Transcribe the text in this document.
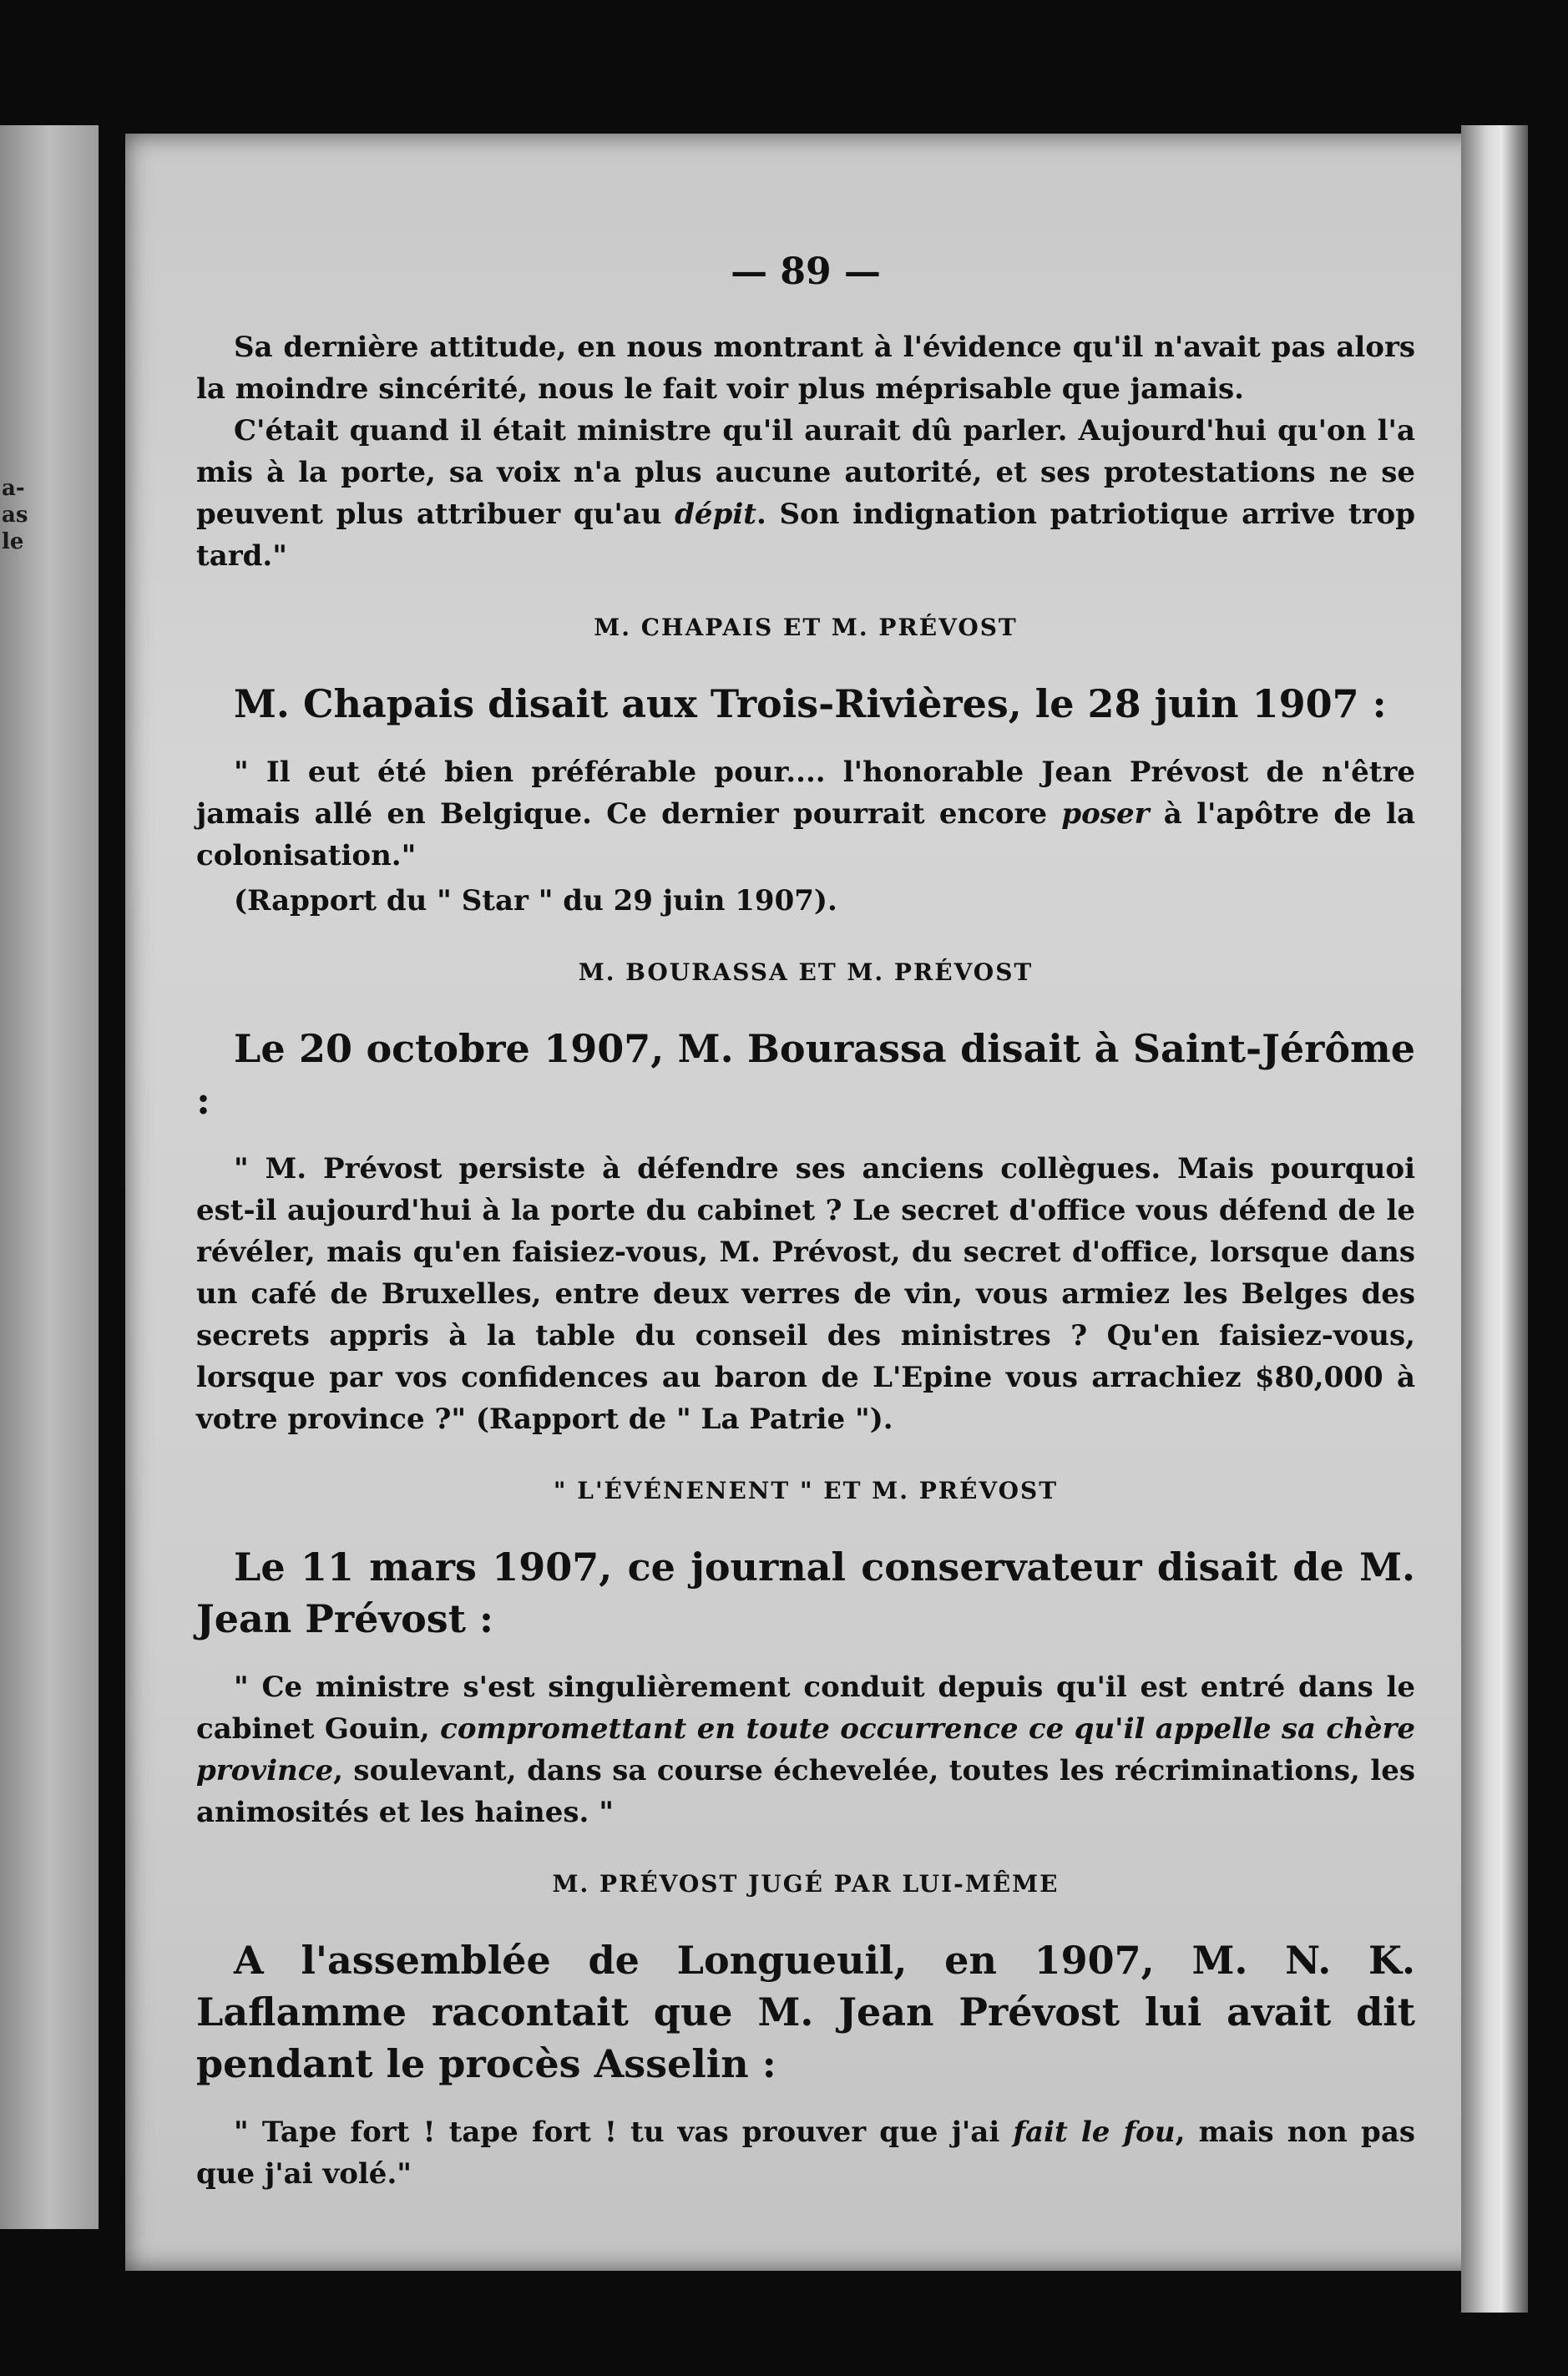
a-
as
le
— 89 —

Sa dernière attitude, en nous montrant à l'évidence qu'il n'avait pas alors la moindre sincérité, nous le fait voir plus méprisable que jamais.

C'était quand il était ministre qu'il aurait dû parler. Aujourd'hui qu'on l'a mis à la porte, sa voix n'a plus aucune autorité, et ses protestations ne se peuvent plus attribuer qu'au dépit. Son indignation patriotique arrive trop tard."

M. CHAPAIS ET M. PRÉVOST
M. Chapais disait aux Trois-Rivières, le 28 juin 1907 :

" Il eut été bien préférable pour.... l'honorable Jean Prévost de n'être jamais allé en Belgique. Ce dernier pourrait encore poser à l'apôtre de la colonisation."

(Rapport du " Star " du 29 juin 1907).

M. BOURASSA ET M. PRÉVOST
Le 20 octobre 1907, M. Bourassa disait à Saint-Jérôme :

" M. Prévost persiste à défendre ses anciens collègues. Mais pourquoi est-il aujourd'hui à la porte du cabinet ? Le secret d'office vous défend de le révéler, mais qu'en faisiez-vous, M. Prévost, du secret d'office, lorsque dans un café de Bruxelles, entre deux verres de vin, vous armiez les Belges des secrets appris à la table du conseil des ministres ? Qu'en faisiez-vous, lorsque par vos confidences au baron de L'Epine vous arrachiez $80,000 à votre province ?" (Rapport de " La Patrie ").

" L'ÉVÉNENENT " ET M. PRÉVOST
Le 11 mars 1907, ce journal conservateur disait de M. Jean Prévost :

" Ce ministre s'est singulièrement conduit depuis qu'il est entré dans le cabinet Gouin, compromettant en toute occurrence ce qu'il appelle sa chère province, soulevant, dans sa course échevelée, toutes les récriminations, les animosités et les haines. "

M. PRÉVOST JUGÉ PAR LUI-MÊME
A l'assemblée de Longueuil, en 1907, M. N. K. Laflamme racontait que M. Jean Prévost lui avait dit pendant le procès Asselin :

" Tape fort ! tape fort ! tu vas prouver que j'ai fait le fou, mais non pas que j'ai volé."
